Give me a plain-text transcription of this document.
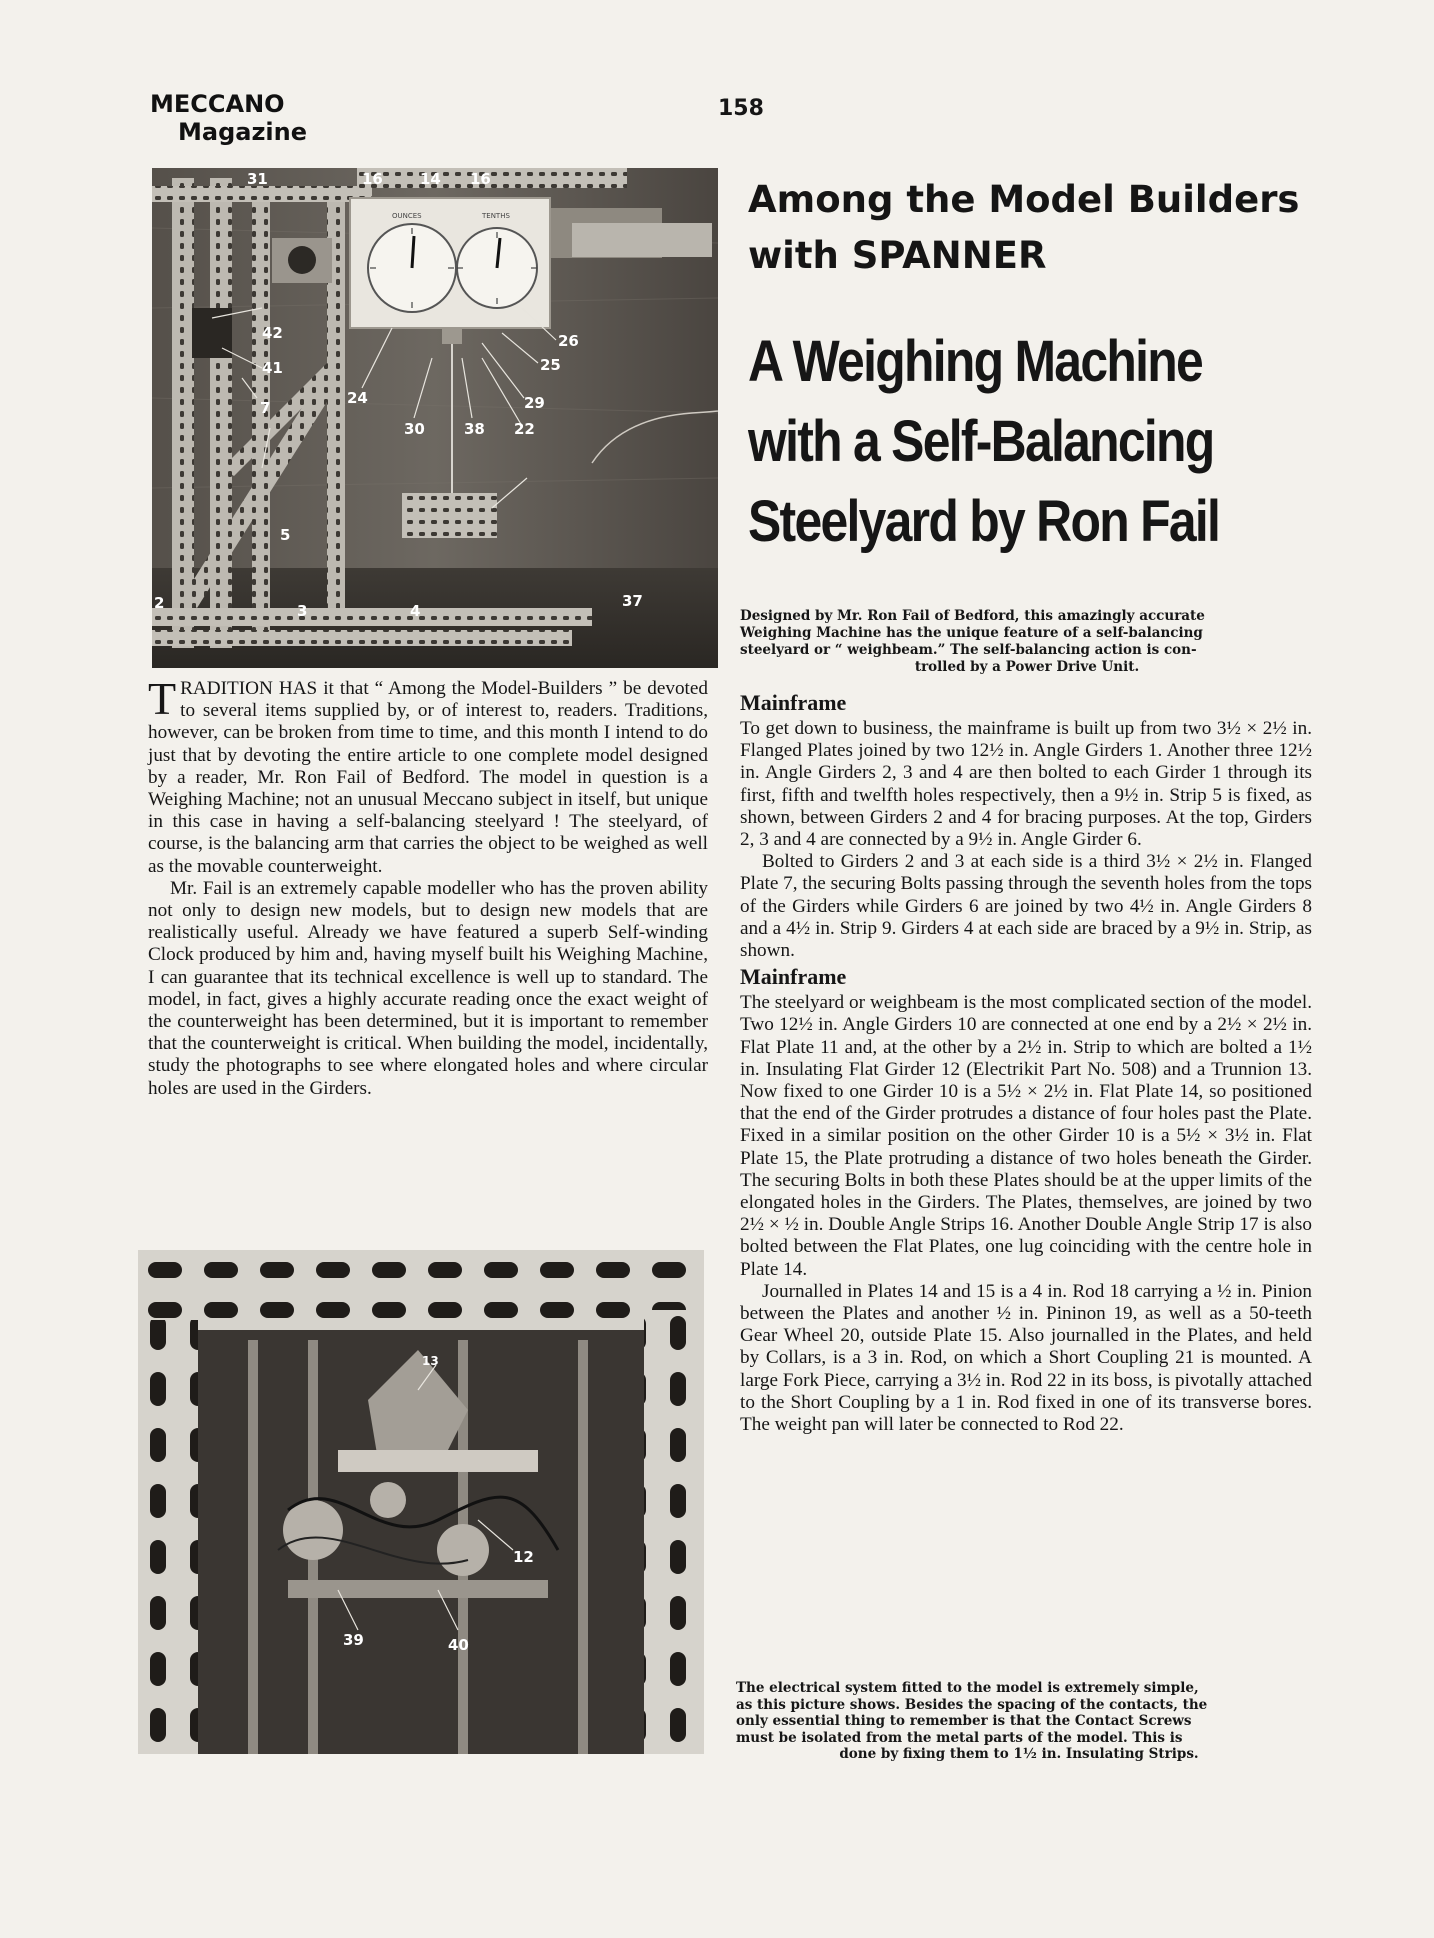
MECCANO
Magazine
158
OUNCES	TENTHS
31	16 14 16
42
41
7
26
25
29
24
30	38 22
5
2	3	4
37
Among the Model Builders
with SPANNER
A Weighing Machine
with a Self-Balancing
Steelyard by Ron Fail
Designed by Mr. Ron Fail of Bedford, this amazingly accurate
Weighing Machine has the unique feature of a self-balancing
steelyard or “ weighbeam.” The self-balancing action is con-
trolled by a Power Drive Unit.

TRADITION HAS it that “ Among the Model-Builders ” be devoted to several items supplied by, or of interest to, readers. Traditions, however, can be broken from time to time, and this month I intend to do just that by devoting the entire article to one complete model designed by a reader, Mr. Ron Fail of Bedford. The model in question is a Weighing Machine; not an unusual Meccano subject in itself, but unique in this case in having a self-balancing steelyard ! The steelyard, of course, is the balancing arm that carries the object to be weighed as well as the movable counterweight.

Mr. Fail is an extremely capable modeller who has the proven ability not only to design new models, but to design new models that are realistically useful. Already we have featured a superb Self-winding Clock produced by him and, having myself built his Weighing Machine, I can guarantee that its technical excellence is well up to standard. The model, in fact, gives a highly accurate reading once the exact weight of the counterweight has been determined, but it is important to remember that the counterweight is critical. When building the model, incidentally, study the photographs to see where elongated holes and where circular holes are used in the Girders.

Mainframe

To get down to business, the mainframe is built up from two 3½ × 2½ in. Flanged Plates joined by two 12½ in. Angle Girders 1. Another three 12½ in. Angle Girders 2, 3 and 4 are then bolted to each Girder 1 through its first, fifth and twelfth holes respectively, then a 9½ in. Strip 5 is fixed, as shown, between Girders 2 and 4 for bracing purposes. At the top, Girders 2, 3 and 4 are connected by a 9½ in. Angle Girder 6.

Bolted to Girders 2 and 3 at each side is a third 3½ × 2½ in. Flanged Plate 7, the securing Bolts passing through the seventh holes from the tops of the Girders while Girders 6 are joined by two 4½ in. Angle Girders 8 and a 4½ in. Strip 9. Girders 4 at each side are braced by a 9½ in. Strip, as shown.

Mainframe

The steelyard or weighbeam is the most complicated section of the model. Two 12½ in. Angle Girders 10 are connected at one end by a 2½ × 2½ in. Flat Plate 11 and, at the other by a 2½ in. Strip to which are bolted a 1½ in. Insulating Flat Girder 12 (Electrikit Part No. 508) and a Trunnion 13. Now fixed to one Girder 10 is a 5½ × 2½ in. Flat Plate 14, so positioned that the end of the Girder protrudes a distance of four holes past the Plate. Fixed in a similar position on the other Girder 10 is a 5½ × 3½ in. Flat Plate 15, the Plate protruding a distance of two holes beneath the Girder. The securing Bolts in both these Plates should be at the upper limits of the elongated holes in the Girders. The Plates, themselves, are joined by two 2½ × ½ in. Double Angle Strips 16. Another Double Angle Strip 17 is also bolted between the Flat Plates, one lug coinciding with the centre hole in Plate 14.

Journalled in Plates 14 and 15 is a 4 in. Rod 18 carrying a ½ in. Pinion between the Plates and another ½ in. Pininon 19, as well as a 50-teeth Gear Wheel 20, outside Plate 15. Also journalled in the Plates, and held by Collars, is a 3 in. Rod, on which a Short Coupling 21 is mounted. A large Fork Piece, carrying a 3½ in. Rod 22 in its boss, is pivotally attached to the Short Coupling by a 1 in. Rod fixed in one of its transverse bores. The weight pan will later be connected to Rod 22.

13
12
39	40
The electrical system fitted to the model is extremely simple,
as this picture shows. Besides the spacing of the contacts, the
only essential thing to remember is that the Contact Screws
must be isolated from the metal parts of the model. This is
done by fixing them to 1½ in. Insulating Strips.
